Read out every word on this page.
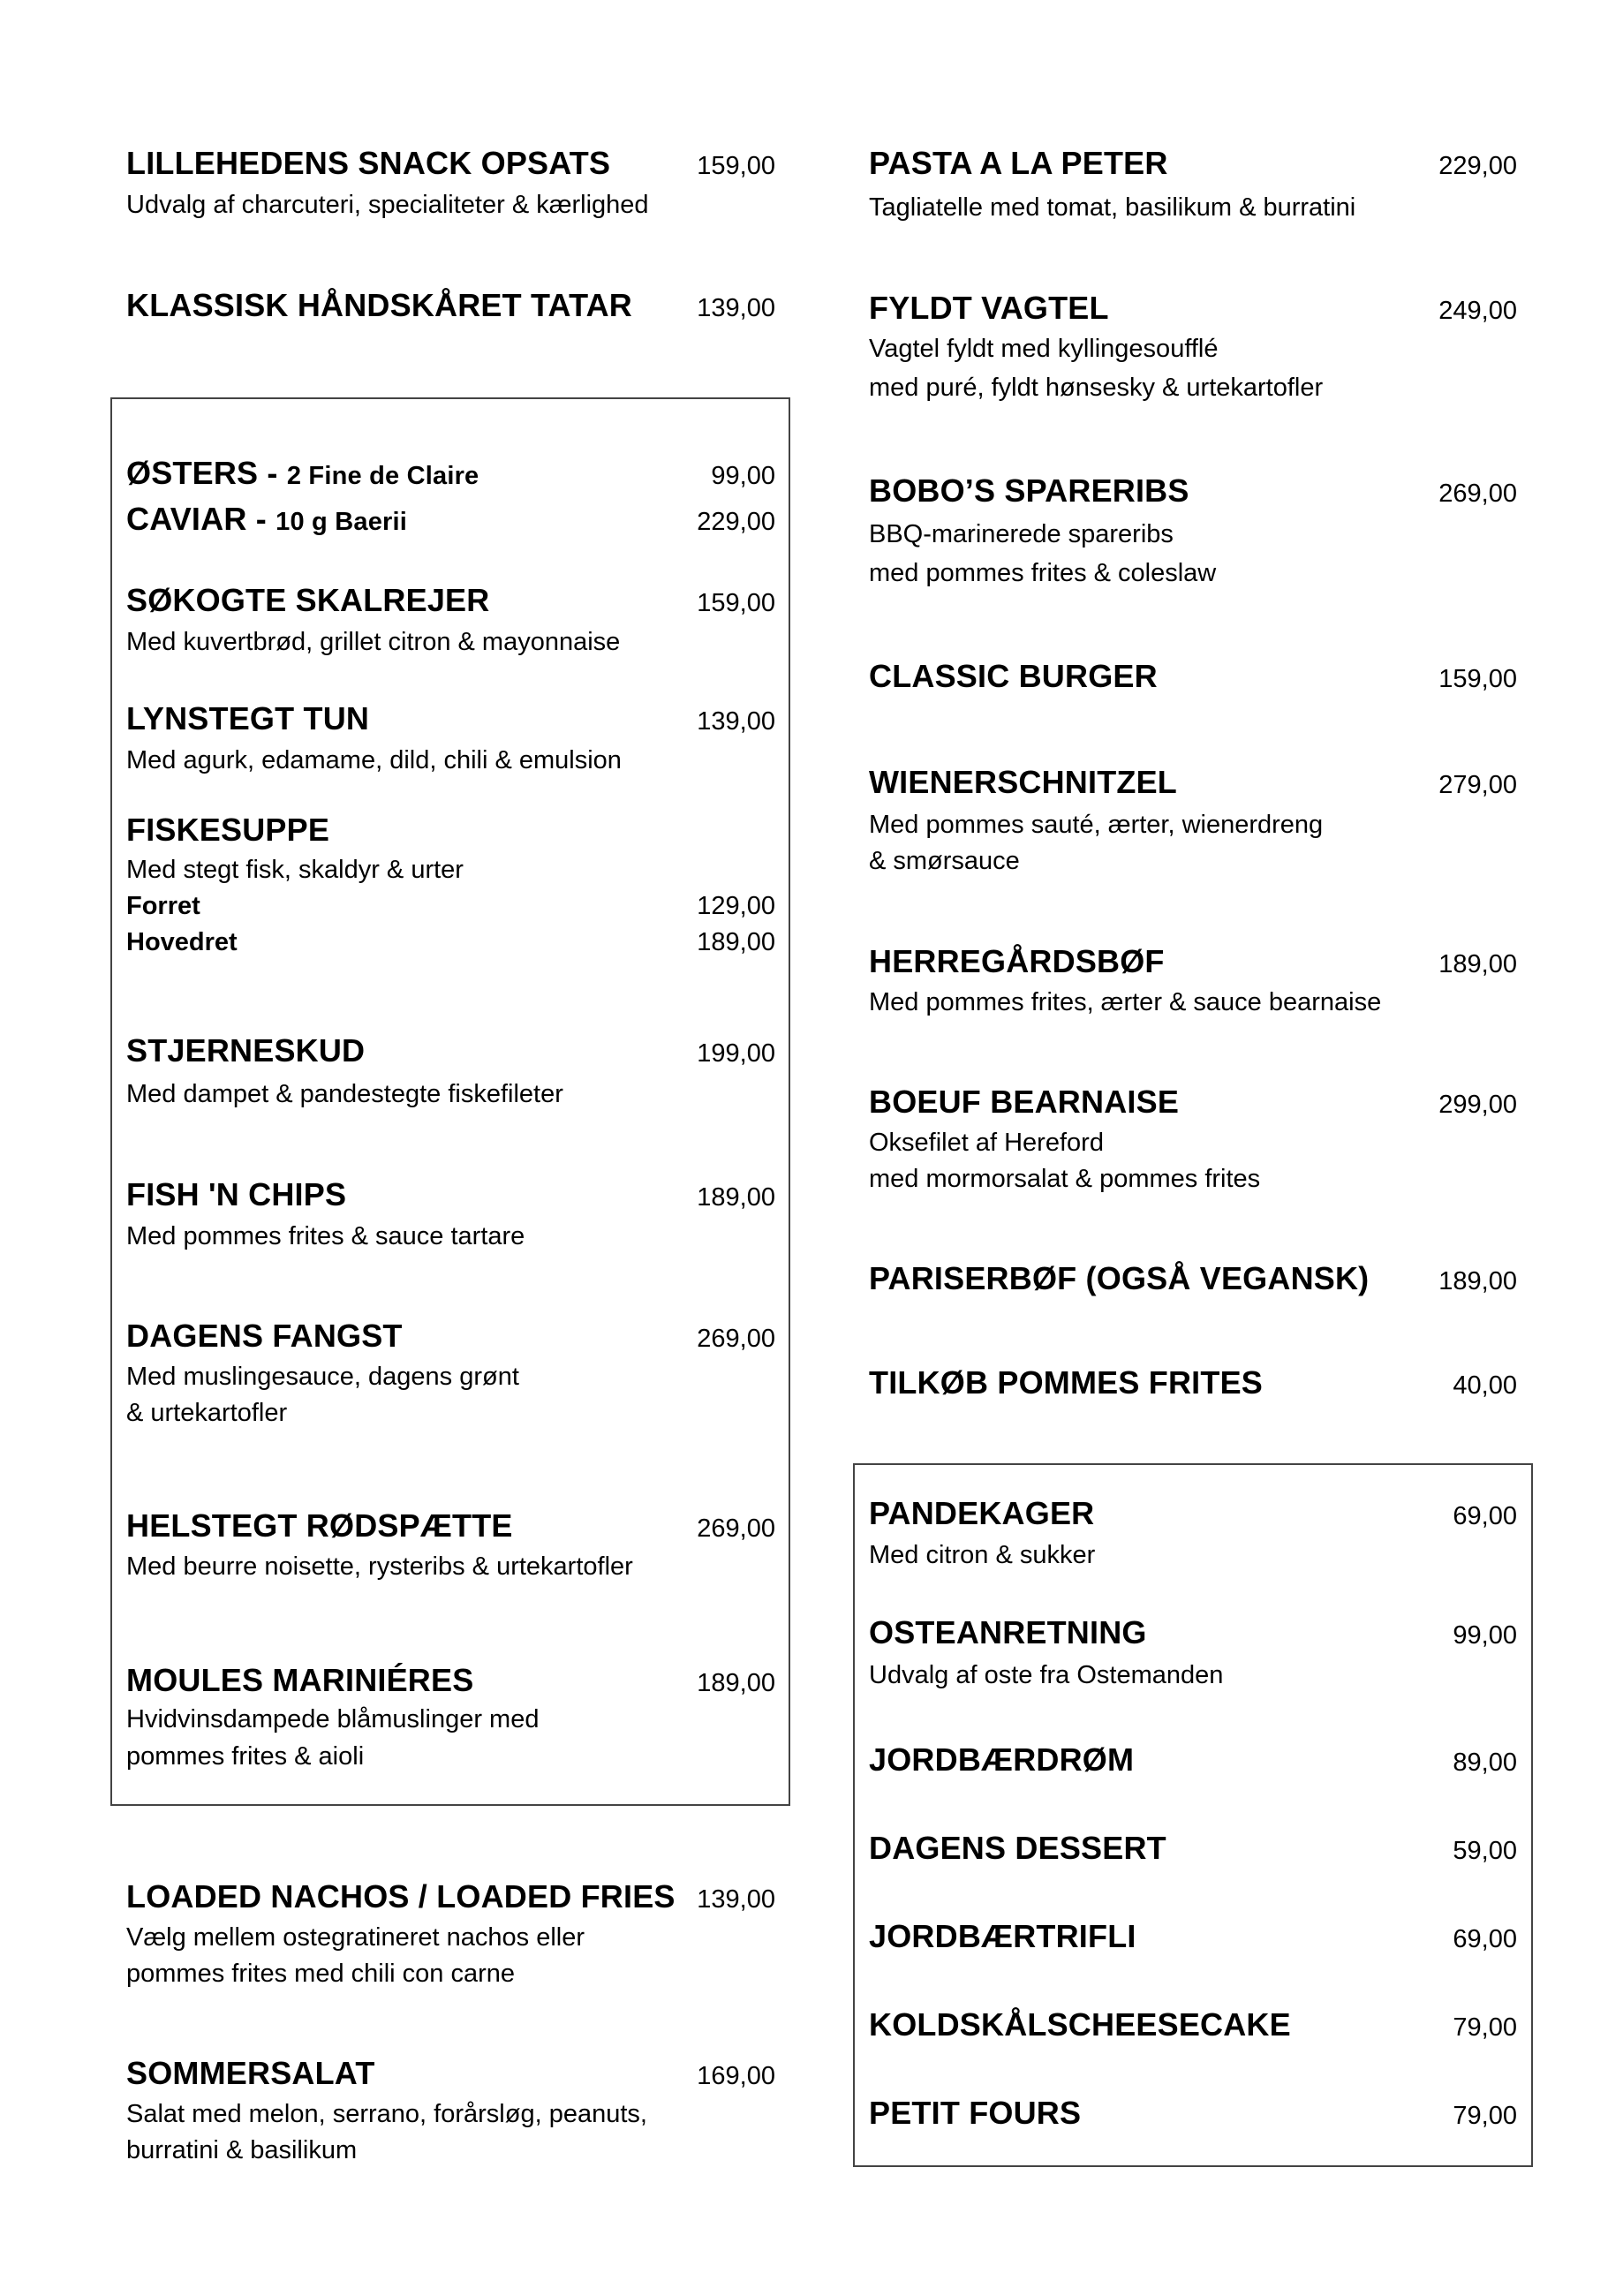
LILLEHEDENS SNACK OPSATS	159,00
Udvalg af charcuteri, specialiteter & kærlighed
KLASSISK HÅNDSKÅRET TATAR	139,00
ØSTERS - 2 Fine de Claire	99,00
CAVIAR - 10 g Baerii	229,00
SØKOGTE SKALREJER	159,00
Med kuvertbrød, grillet citron & mayonnaise
LYNSTEGT TUN	139,00
Med agurk, edamame, dild, chili & emulsion
FISKESUPPE
Med stegt fisk, skaldyr & urter
Forret	129,00
Hovedret	189,00
STJERNESKUD	199,00
Med dampet & pandestegte fiskefileter
FISH 'N CHIPS	189,00
Med pommes frites & sauce tartare
DAGENS FANGST	269,00
Med muslingesauce, dagens grønt
& urtekartofler
HELSTEGT RØDSPÆTTE	269,00
Med beurre noisette, rysteribs & urtekartofler
MOULES MARINIÉRES	189,00
Hvidvinsdampede blåmuslinger med
pommes frites & aioli
LOADED NACHOS / LOADED FRIES 139,00
Vælg mellem ostegratineret nachos eller
pommes frites med chili con carne
SOMMERSALAT	169,00
Salat med melon, serrano, forårsløg, peanuts,
burratini & basilikum
PASTA A LA PETER	229,00
Tagliatelle med tomat, basilikum & burratini
FYLDT VAGTEL	249,00
Vagtel fyldt med kyllingesoufflé
med puré, fyldt hønsesky & urtekartofler
BOBO’S SPARERIBS	269,00
BBQ-marinerede spareribs
med pommes frites & coleslaw
CLASSIC BURGER	159,00
WIENERSCHNITZEL	279,00
Med pommes sauté, ærter, wienerdreng
& smørsauce
HERREGÅRDSBØF	189,00
Med pommes frites, ærter & sauce bearnaise
BOEUF BEARNAISE	299,00
Oksefilet af Hereford
med mormorsalat & pommes frites
PARISERBØF (OGSÅ VEGANSK)	189,00
TILKØB POMMES FRITES	40,00
PANDEKAGER	69,00
Med citron & sukker
OSTEANRETNING	99,00
Udvalg af oste fra Ostemanden
JORDBÆRDRØM	89,00
DAGENS DESSERT	59,00
JORDBÆRTRIFLI	69,00
KOLDSKÅLSCHEESECAKE	79,00
PETIT FOURS	79,00
